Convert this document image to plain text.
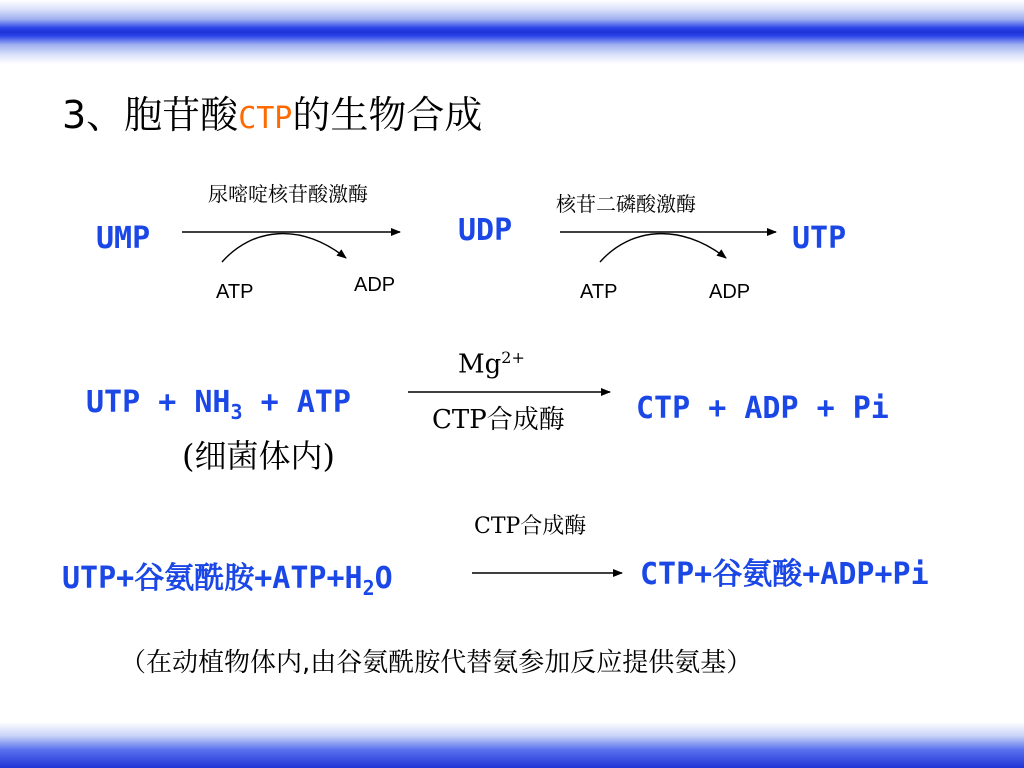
3、胞苷酸CTP的生物合成
UMP
尿嘧啶核苷酸激酶
ATP	ADP
UDP
核苷二磷酸激酶
ATP	ADP
UTP
UTP + $NH_3$ + ATP
$Mg^{2+}$
CTP合成酶 CTP + ADP + Pi
(细菌体内)
CTP合成酶
UTP+谷氨酰胺$+ATP+H_2O$	CTP+谷氨酸+ADP+Pi
（在动植物体内,由谷氨酰胺代替氨参加反应提供氨基）
